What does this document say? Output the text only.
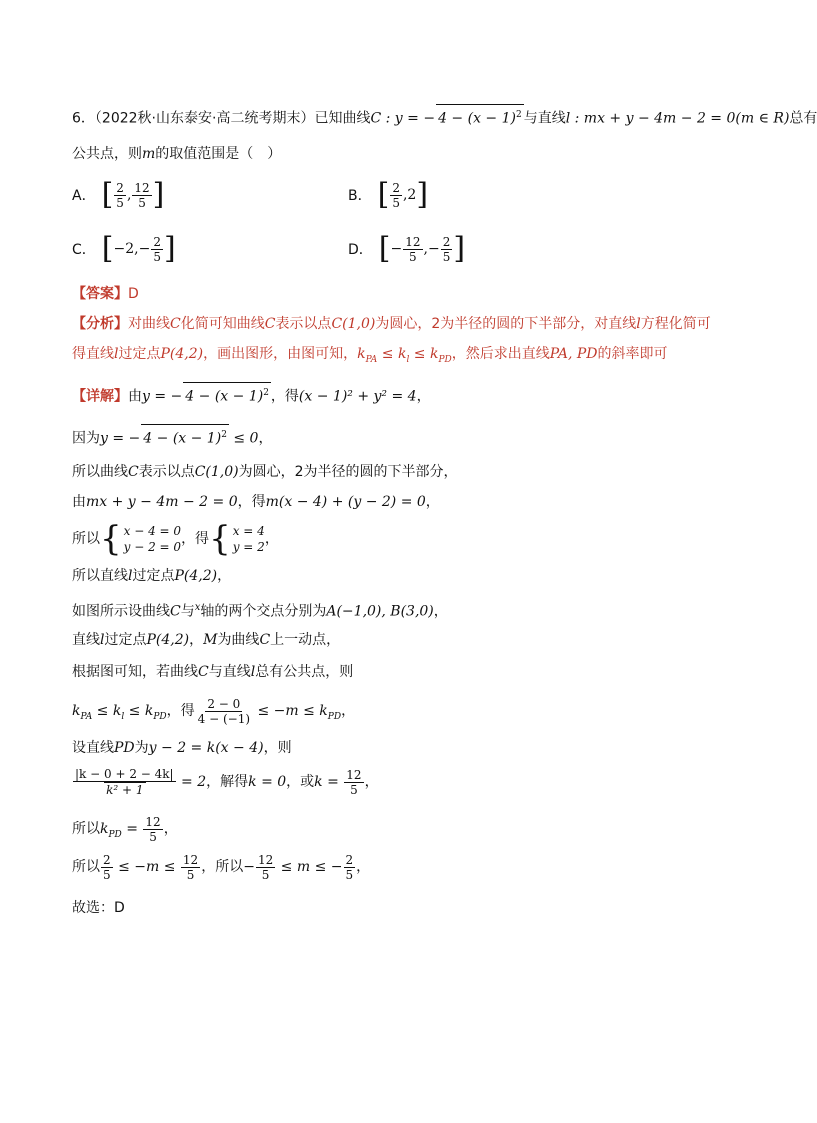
6．（2022秋·山东泰安·高二统考期末）已知曲线C : y = − $4 - (x - 1)^2$ 与直线l : mx + y − 4m − 2 = 0(m ∈ R)总有
公共点，则m的取值范围是（　）
A． [ $\frac{2}{5}$ , $\frac{12}{5}$ ]	B． [ $\frac{2}{5}$ , 2 ]
C． [ $-2,- \frac{2}{5}$ ]	D． [ − $\frac{12}{5}$ ,− $\frac{2}{5}$ ]
【答案】D
【分析】对曲线C化简可知曲线C表示以点C(1,0)为圆心，2为半径的圆的下半部分，对直线l方程化简可
得直线l过定点P(4,2)，画出图形，由图可知，$k_{PA} \le k_l \le k_{PD}$，然后求出直线PA, PD的斜率即可
【详解】由y = − $4 - (x - 1)^2$ ，得(x − 1)² + y² = 4，
因为y = − $4 - (x - 1)^2 \le 0$，
所以曲线C表示以点C(1,0)为圆心，2为半径的圆的下半部分，
由mx + y − 4m − 2 = 0，得m(x − 4) + (y − 2) = 0，
所以 { x − 4 = 0
y − 2 = 0 ，得 { x = 4
y = 2 ，
所以直线l过定点P(4,2)，
如图所示设曲线C与$^x$轴的两个交点分别为A(−1,0), B(3,0)，
直线l过定点P(4,2)，M为曲线C上一动点，
根据图可知，若曲线C与直线l总有公共点，则
$k_{PA} \le k_l \le k_{PD}$，得 $\frac{2 - 0}{4 - (-1)} \le -m \le k_{PD}$，
设直线PD为y − 2 = k(x − 4)，则
$\frac{|k - 0 + 2 - 4k|}{\text{k² + 1}} = 2$，解得k = 0，或$k = \frac{12}{5}$ ，
所以$k_{PD} = \frac{12}{5}$ ，
所以 $\frac{2}{5} \le -m \le \frac{12}{5}$ ，所以− $\frac{12}{5} \le m$ ≤ − $\frac{2}{5}$ ，
故选：D
